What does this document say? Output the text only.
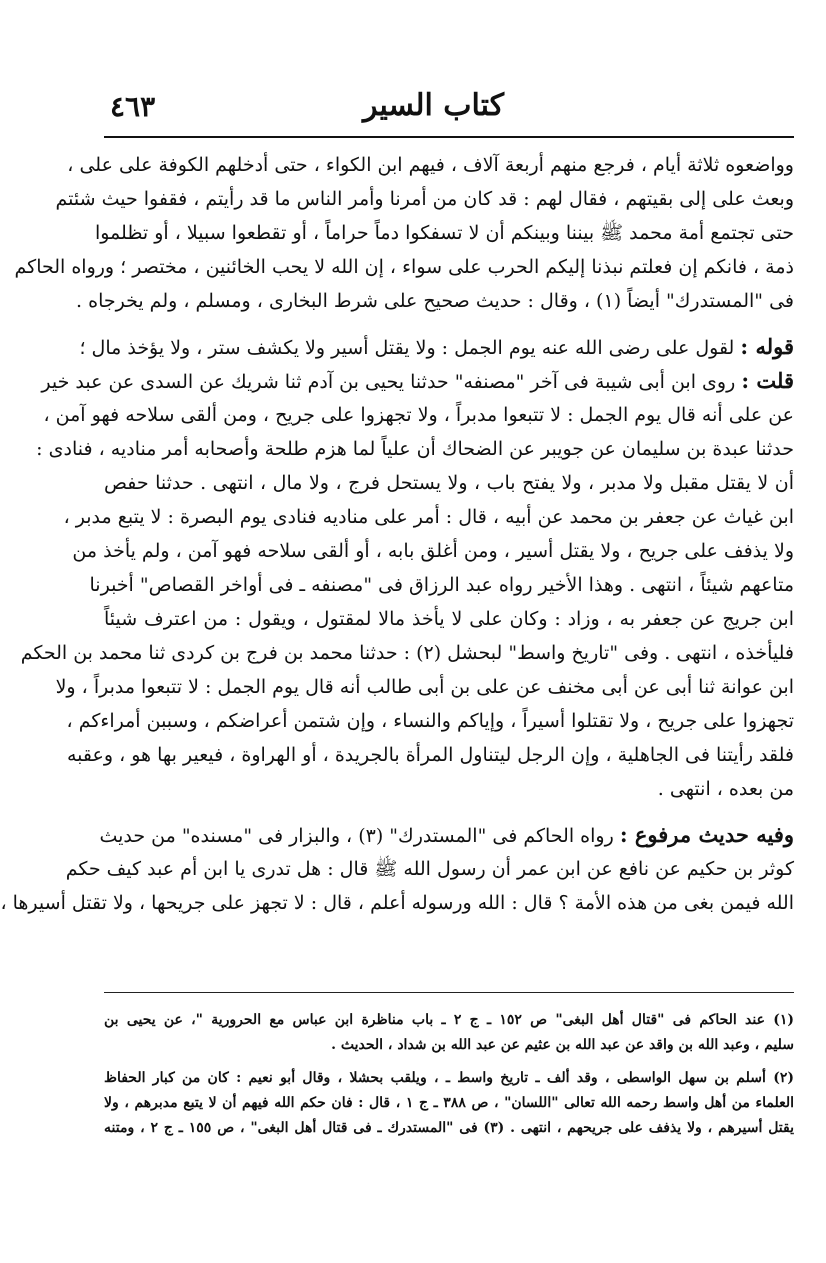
كتاب السير
٤٦٣
وواضعوه ثلاثة أيام ، فرجع منهم أربعة آلاف ، فيهم ابن الكواء ، حتى أدخلهم الكوفة على على ،
وبعث على إلى بقيتهم ، فقال لهم : قد كان من أمرنا وأمر الناس ما قد رأيتم ، فقفوا حيث شئتم
حتى تجتمع أمة محمد ﷺ بيننا وبينكم أن لا تسفكوا دماً حراماً ، أو تقطعوا سبيلا ، أو تظلموا
ذمة ، فانكم إن فعلتم نبذنا إليكم الحرب على سواء ، إن الله لا يحب الخائنين ، مختصر ؛ ورواه الحاكم
فى "المستدرك" أيضاً (١) ، وقال : حديث صحيح على شرط البخارى ، ومسلم ، ولم يخرجاه .
قوله : لقول على رضى الله عنه يوم الجمل : ولا يقتل أسير ولا يكشف ستر ، ولا يؤخذ مال ؛
قلت : روى ابن أبى شيبة فى آخر "مصنفه" حدثنا يحيى بن آدم ثنا شريك عن السدى عن عبد خير
عن على أنه قال يوم الجمل : لا تتبعوا مدبراً ، ولا تجهزوا على جريح ، ومن ألقى سلاحه فهو آمن ،
حدثنا عبدة بن سليمان عن جويبر عن الضحاك أن علياً لما هزم طلحة وأصحابه أمر مناديه ، فنادى :
أن لا يقتل مقبل ولا مدبر ، ولا يفتح باب ، ولا يستحل فرج ، ولا مال ، انتهى . حدثنا حفص
ابن غياث عن جعفر بن محمد عن أبيه ، قال : أمر على مناديه فنادى يوم البصرة : لا يتبع مدبر ،
ولا يذفف على جريح ، ولا يقتل أسير ، ومن أغلق بابه ، أو ألقى سلاحه فهو آمن ، ولم يأخذ من
متاعهم شيئاً ، انتهى . وهذا الأخير رواه عبد الرزاق فى "مصنفه ـ فى أواخر القصاص" أخبرنا
ابن جريج عن جعفر به ، وزاد : وكان على لا يأخذ مالا لمقتول ، ويقول : من اعترف شيئاً
فليأخذه ، انتهى . وفى "تاريخ واسط" لبحشل (٢) : حدثنا محمد بن فرج بن كردى ثنا محمد بن الحكم
ابن عوانة ثنا أبى عن أبى مخنف عن على بن أبى طالب أنه قال يوم الجمل : لا تتبعوا مدبراً ، ولا
تجهزوا على جريح ، ولا تقتلوا أسيراً ، وإياكم والنساء ، وإن شتمن أعراضكم ، وسببن أمراءكم ،
فلقد رأيتنا فى الجاهلية ، وإن الرجل ليتناول المرأة بالجريدة ، أو الهراوة ، فيعير بها هو ، وعقبه
من بعده ، انتهى .
وفيه حديث مرفوع : رواه الحاكم فى "المستدرك" (٣) ، والبزار فى "مسنده" من حديث
كوثر بن حكيم عن نافع عن ابن عمر أن رسول الله ﷺ قال : هل تدرى يا ابن أم عبد كيف حكم
الله فيمن بغى من هذه الأمة ؟ قال : الله ورسوله أعلم ، قال : لا تجهز على جريحها ، ولا تقتل أسيرها ،
(١) عند الحاكم فى "قتال أهل البغى" ص ١٥٢ ـ ج ٢ ـ باب مناظرة ابن عباس مع الحرورية "، عن يحيى بن
سليم ، وعبد الله بن واقد عن عبد الله بن عثيم عن عبد الله بن شداد ، الحديث .
(٢) أسلم بن سهل الواسطى ، وقد ألف ـ تاريخ واسط ـ ، ويلقب بحشلا ، وقال أبو نعيم : كان من كبار الحفاظ
العلماء من أهل واسط رحمه الله تعالى "اللسان" ، ص ٣٨٨ ـ ج ١ ، قال : فان حكم الله فيهم أن لا يتبع مدبرهم ، ولا
يقتل أسيرهم ، ولا يذفف على جريحهم ، انتهى . (٣) فى "المستدرك ـ فى قتال أهل البغى" ، ص ١٥٥ ـ ج ٢ ، ومتنه
